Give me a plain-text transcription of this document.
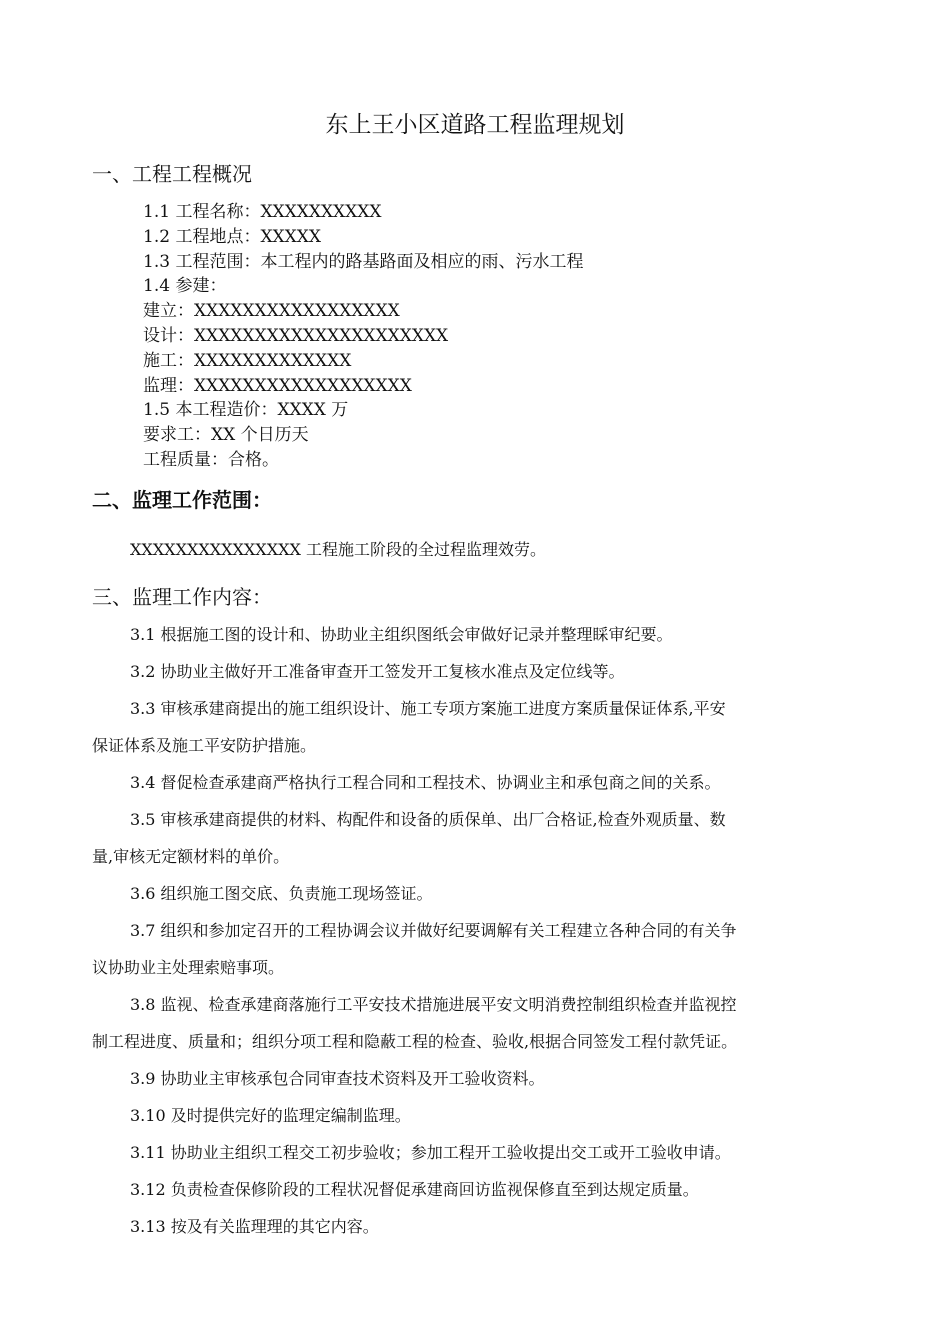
东上王小区道路工程监理规划
一、工程工程概况
1.1 工程名称：XXXXXXXXXX
1.2 工程地点：XXXXX
1.3 工程范围：本工程内的路基路面及相应的雨、污水工程
1.4 参建：
建立：XXXXXXXXXXXXXXXXX
设计：XXXXXXXXXXXXXXXXXXXXX
施工：XXXXXXXXXXXXX
监理：XXXXXXXXXXXXXXXXXX
1.5 本工程造价：XXXX 万
要求工：XX 个日历天
工程质量：合格。
二、监理工作范围：
XXXXXXXXXXXXXXX 工程施工阶段的全过程监理效劳。
三、监理工作内容：
3.1 根据施工图的设计和、协助业主组织图纸会审做好记录并整理睬审纪要。
3.2 协助业主做好开工准备审查开工签发开工复核水准点及定位线等。
3.3 审核承建商提出的施工组织设计、施工专项方案施工进度方案质量保证体系,平安
保证体系及施工平安防护措施。
3.4 督促检查承建商严格执行工程合同和工程技术、协调业主和承包商之间的关系。
3.5 审核承建商提供的材料、构配件和设备的质保单、出厂合格证,检查外观质量、数
量,审核无定额材料的单价。
3.6 组织施工图交底、负责施工现场签证。
3.7 组织和参加定召开的工程协调会议并做好纪要调解有关工程建立各种合同的有关争
议协助业主处理索赔事项。
3.8 监视、检查承建商落施行工平安技术措施进展平安文明消费控制组织检查并监视控
制工程进度、质量和；组织分项工程和隐蔽工程的检查、验收,根据合同签发工程付款凭证。
3.9 协助业主审核承包合同审查技术资料及开工验收资料。
3.10 及时提供完好的监理定编制监理。
3.11 协助业主组织工程交工初步验收；参加工程开工验收提出交工或开工验收申请。
3.12 负责检查保修阶段的工程状况督促承建商回访监视保修直至到达规定质量。
3.13 按及有关监理理的其它内容。
